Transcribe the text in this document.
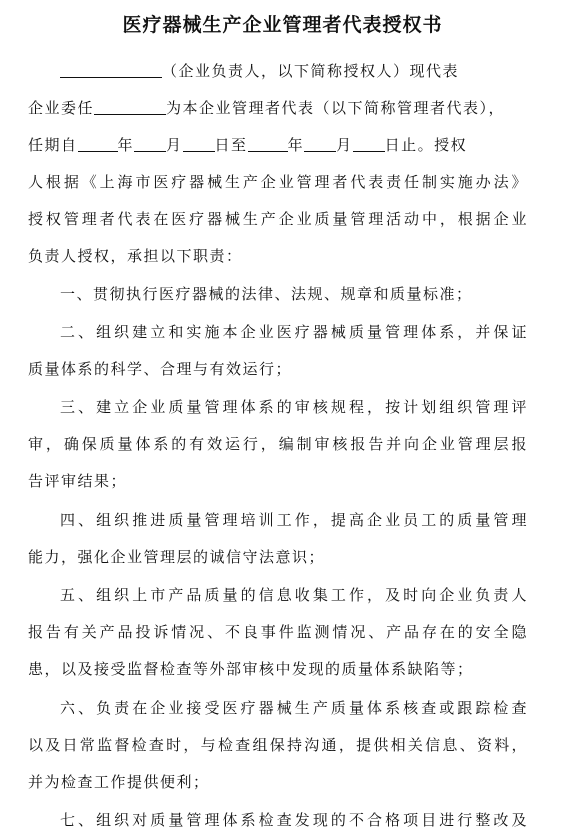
医疗器械生产企业管理者代表授权书
（企业负责人，以下简称授权人）现代表
企业委任	为本企业管理者代表（以下简称管理者代表），
任期自	年 月 日至	年 月 日止。授权
人根据《上海市医疗器械生产企业管理者代表责任制实施办法》
授权管理者代表在医疗器械生产企业质量管理活动中，根据企业
负责人授权，承担以下职责：
一、贯彻执行医疗器械的法律、法规、规章和质量标准；
二、组织建立和实施本企业医疗器械质量管理体系，并保证
质量体系的科学、合理与有效运行；
三、建立企业质量管理体系的审核规程，按计划组织管理评
审，确保质量体系的有效运行，编制审核报告并向企业管理层报
告评审结果；
四、组织推进质量管理培训工作，提高企业员工的质量管理
能力，强化企业管理层的诚信守法意识；
五、组织上市产品质量的信息收集工作，及时向企业负责人
报告有关产品投诉情况、不良事件监测情况、产品存在的安全隐
患，以及接受监督检查等外部审核中发现的质量体系缺陷等；
六、负责在企业接受医疗器械生产质量体系核查或跟踪检查
以及日常监督检查时，与检查组保持沟通，提供相关信息、资料，
并为检查工作提供便利；
七、组织对质量管理体系检查发现的不合格项目进行整改及
